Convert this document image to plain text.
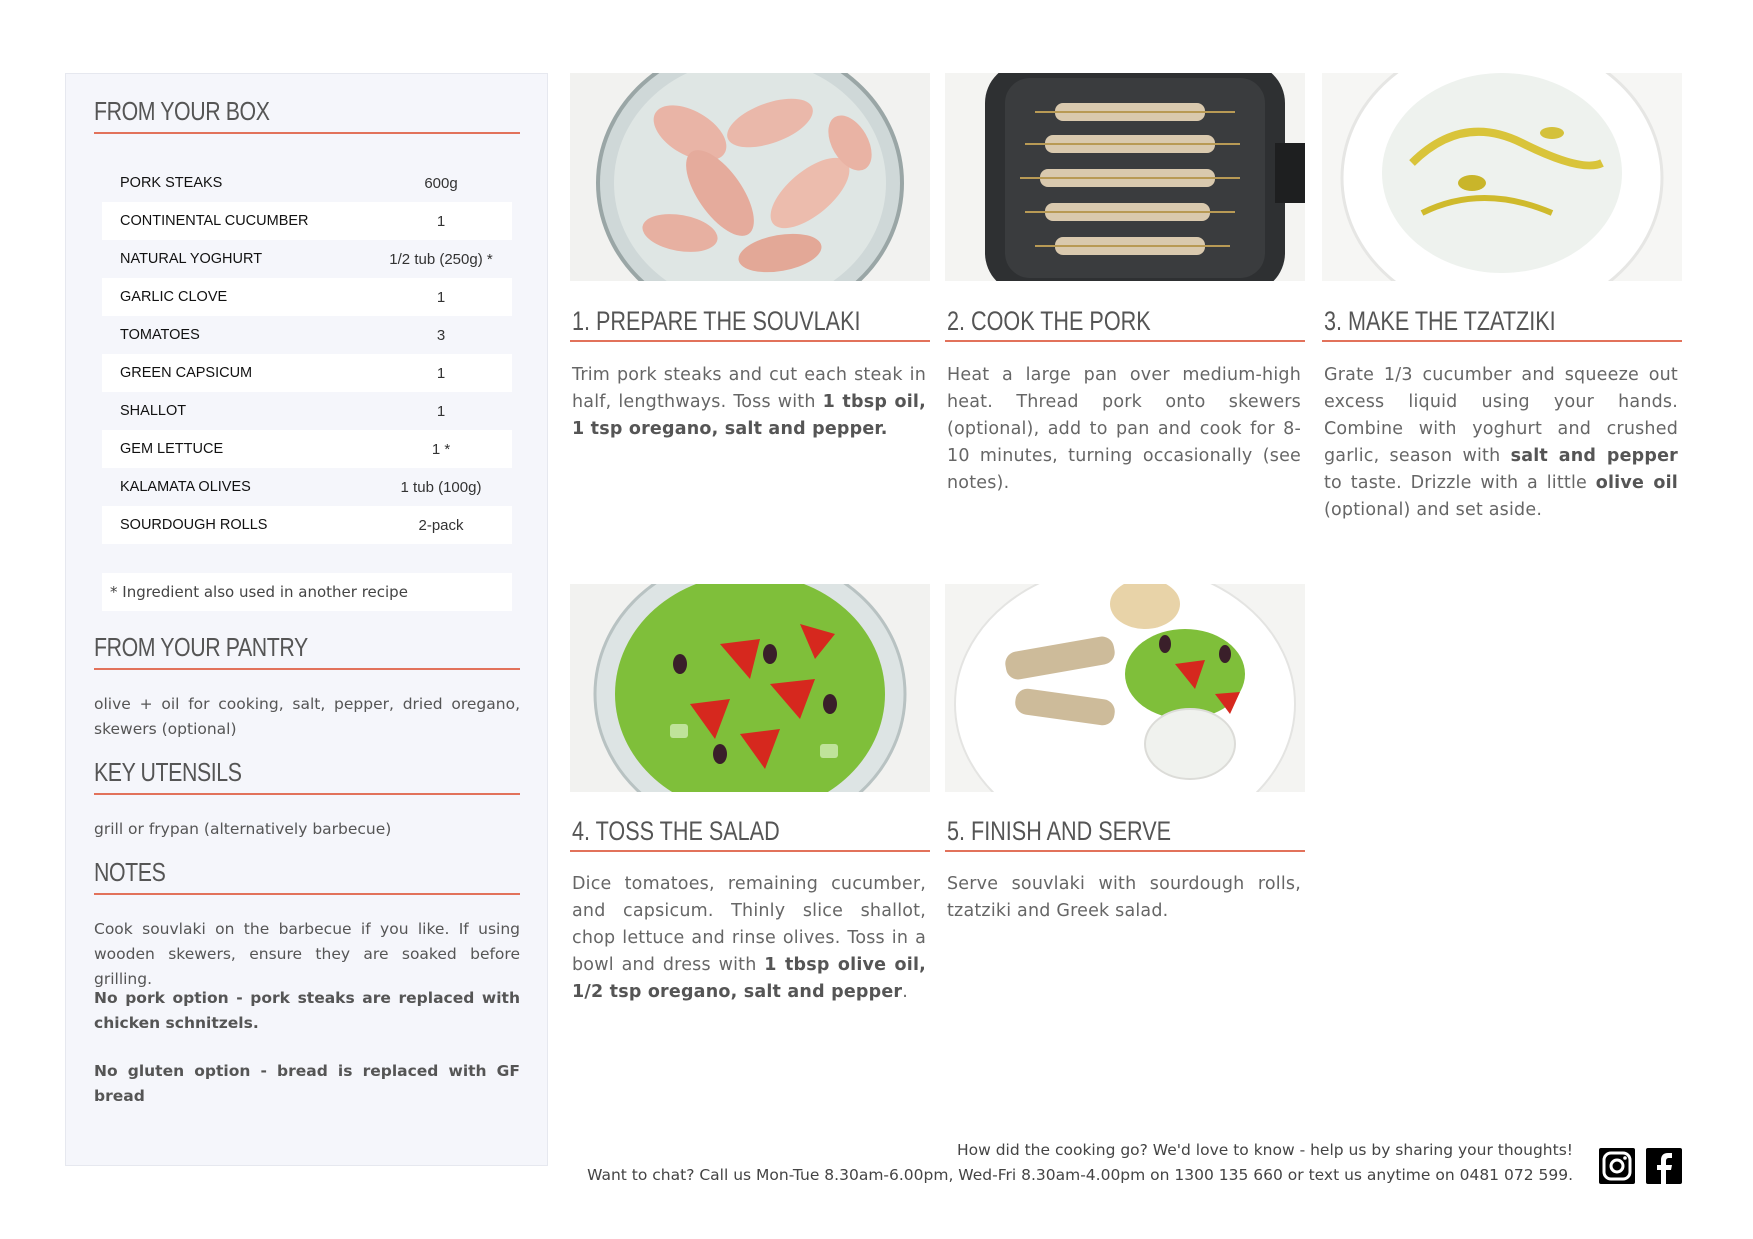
FROM YOUR BOX
PORK STEAKS	600g
CONTINENTAL CUCUMBER	1
NATURAL YOGHURT	1/2 tub (250g) *
GARLIC CLOVE	1
TOMATOES	3
GREEN CAPSICUM	1
SHALLOT	1
GEM LETTUCE	1 *
KALAMATA OLIVES	1 tub (100g)
SOURDOUGH ROLLS	2-pack
* Ingredient also used in another recipe
FROM YOUR PANTRY
olive + oil for cooking, salt, pepper, dried oregano, skewers (optional)
KEY UTENSILS
grill or frypan (alternatively barbecue)
NOTES
Cook souvlaki on the barbecue if you like. If using wooden skewers, ensure they are soaked before grilling.
No pork option - pork steaks are replaced with chicken schnitzels.
No gluten option - bread is replaced with GF bread
1. PREPARE THE SOUVLAKI
Trim pork steaks and cut each steak in half, lengthways. Toss with 1 tbsp oil, 1 tsp oregano, salt and pepper.
2. COOK THE PORK
Heat a large pan over medium-high heat. Thread pork onto skewers (optional), add to pan and cook for 8-10 minutes, turning occasionally (see notes).
3. MAKE THE TZATZIKI
Grate 1/3 cucumber and squeeze out excess liquid using your hands. Combine with yoghurt and crushed garlic, season with salt and pepper to taste. Drizzle with a little olive oil (optional) and set aside.
4. TOSS THE SALAD
Dice tomatoes, remaining cucumber, and capsicum. Thinly slice shallot, chop lettuce and rinse olives. Toss in a bowl and dress with 1 tbsp olive oil, 1/2 tsp oregano, salt and pepper.
5. FINISH AND SERVE
Serve souvlaki with sourdough rolls, tzatziki and Greek salad.
How did the cooking go? We'd love to know - help us by sharing your thoughts!
Want to chat? Call us Mon-Tue 8.30am-6.00pm, Wed-Fri 8.30am-4.00pm on 1300 135 660 or text us anytime on 0481 072 599.
